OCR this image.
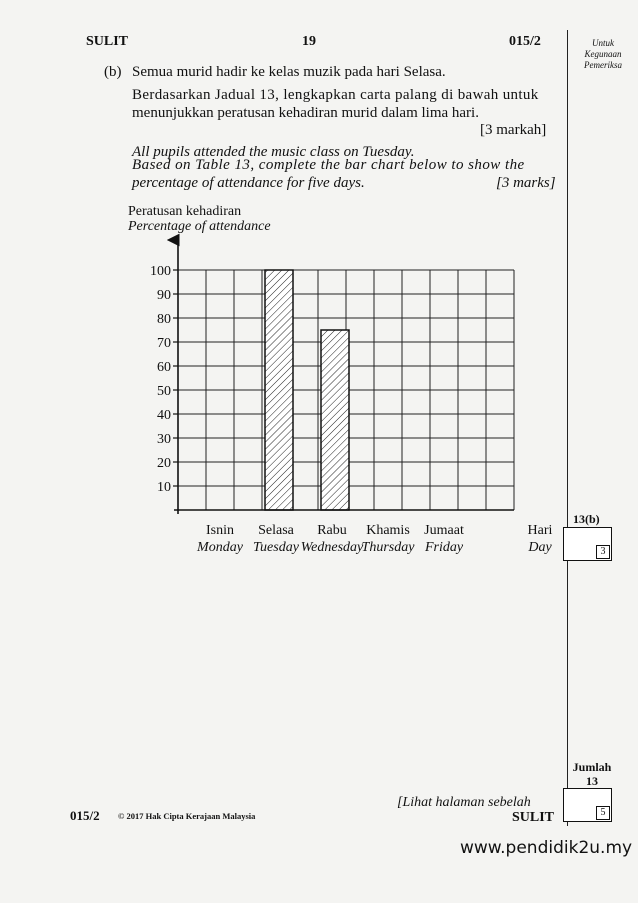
SULIT	19	015/2	Untuk
Kegunaan
Pemeriksa
(b) Semua murid hadir ke kelas muzik pada hari Selasa.
Berdasarkan Jadual 13, lengkapkan carta palang di bawah untuk
menunjukkan peratusan kehadiran murid dalam lima hari.
[3 markah]
All pupils attended the music class on Tuesday.
Based on Table 13, complete the bar chart below to show the
percentage of attendance for five days.	[3 marks]
Peratusan kehadiran
Percentage of attendance
10
20
30
40
50
60
70
80
90
100
Isnin
Monday
Selasa
Tuesday
Rabu
Wednesday
Khamis
Thursday
Jumaat
Friday
Hari
Day
13(b)
3
Jumlah
13
5
015/2 © 2017 Hak Cipta Kerajaan Malaysia
[Lihat halaman sebelah
SULIT
www.pendidik2u.my
